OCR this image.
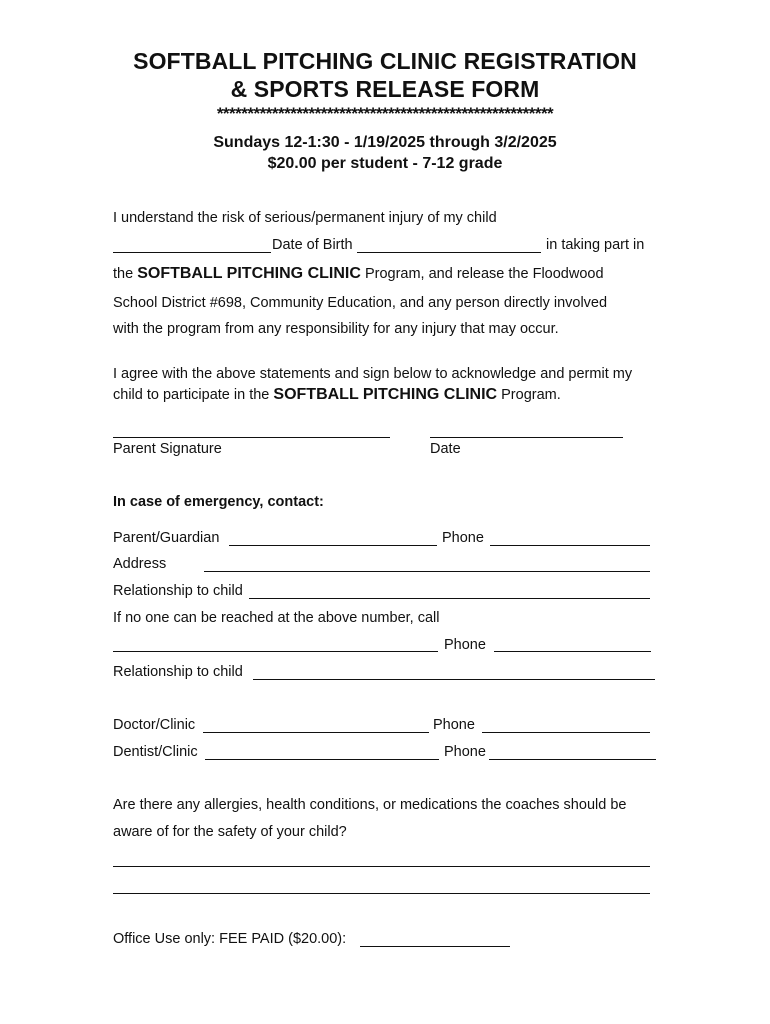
SOFTBALL PITCHING CLINIC REGISTRATION
& SPORTS RELEASE FORM
*******************************************************
Sundays 12-1:30 - 1/19/2025 through 3/2/2025
$20.00 per student - 7-12 grade
I understand the risk of serious/permanent injury of my child
Date of Birth	in taking part in
the SOFTBALL PITCHING CLINIC Program, and release the Floodwood
School District #698, Community Education, and any person directly involved
with the program from any responsibility for any injury that may occur.
I agree with the above statements and sign below to acknowledge and permit my
child to participate in the SOFTBALL PITCHING CLINIC Program.
Parent Signature	Date
In case of emergency, contact:
Parent/Guardian	Phone
Address
Relationship to child
If no one can be reached at the above number, call
Phone
Relationship to child
Doctor/Clinic	Phone
Dentist/Clinic	Phone
Are there any allergies, health conditions, or medications the coaches should be
aware of for the safety of your child?
Office Use only: FEE PAID ($20.00):
